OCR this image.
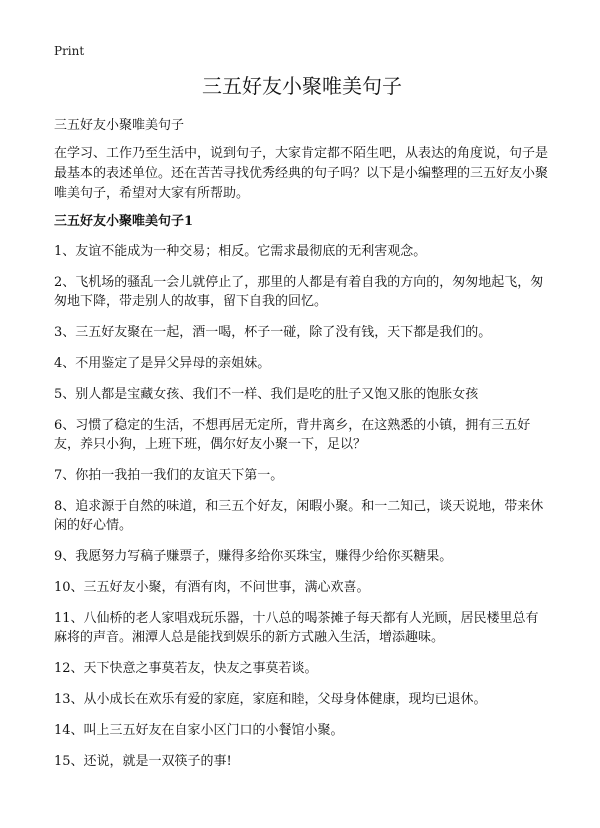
Print
三五好友小聚唯美句子

三五好友小聚唯美句子

在学习、工作乃至生活中，说到句子，大家肯定都不陌生吧，从表达的角度说，句子是最基本的表述单位。还在苦苦寻找优秀经典的句子吗？以下是小编整理的三五好友小聚唯美句子，希望对大家有所帮助。

三五好友小聚唯美句子1

1、友谊不能成为一种交易；相反。它需求最彻底的无利害观念。

2、飞机场的骚乱一会儿就停止了，那里的人都是有着自我的方向的，匆匆地起飞，匆匆地下降，带走别人的故事，留下自我的回忆。

3、三五好友聚在一起，酒一喝，杯子一碰，除了没有钱，天下都是我们的。

4、不用鉴定了是异父异母的亲姐妹。

5、别人都是宝藏女孩、我们不一样、我们是吃的肚子又饱又胀的饱胀女孩

6、习惯了稳定的生活，不想再居无定所，背井离乡，在这熟悉的小镇，拥有三五好友，养只小狗，上班下班，偶尔好友小聚一下，足以？

7、你拍一我拍一我们的友谊天下第一。

8、追求源于自然的味道，和三五个好友，闲暇小聚。和一二知己，谈天说地，带来休闲的好心情。

9、我愿努力写稿子赚票子，赚得多给你买珠宝，赚得少给你买糖果。

10、三五好友小聚，有酒有肉，不问世事，满心欢喜。

11、八仙桥的老人家唱戏玩乐器，十八总的喝茶摊子每天都有人光顾，居民楼里总有麻将的声音。湘潭人总是能找到娱乐的新方式融入生活，增添趣味。

12、天下快意之事莫若友，快友之事莫若谈。

13、从小成长在欢乐有爱的家庭，家庭和睦，父母身体健康，现均已退休。

14、叫上三五好友在自家小区门口的小餐馆小聚。

15、还说，就是一双筷子的事!
